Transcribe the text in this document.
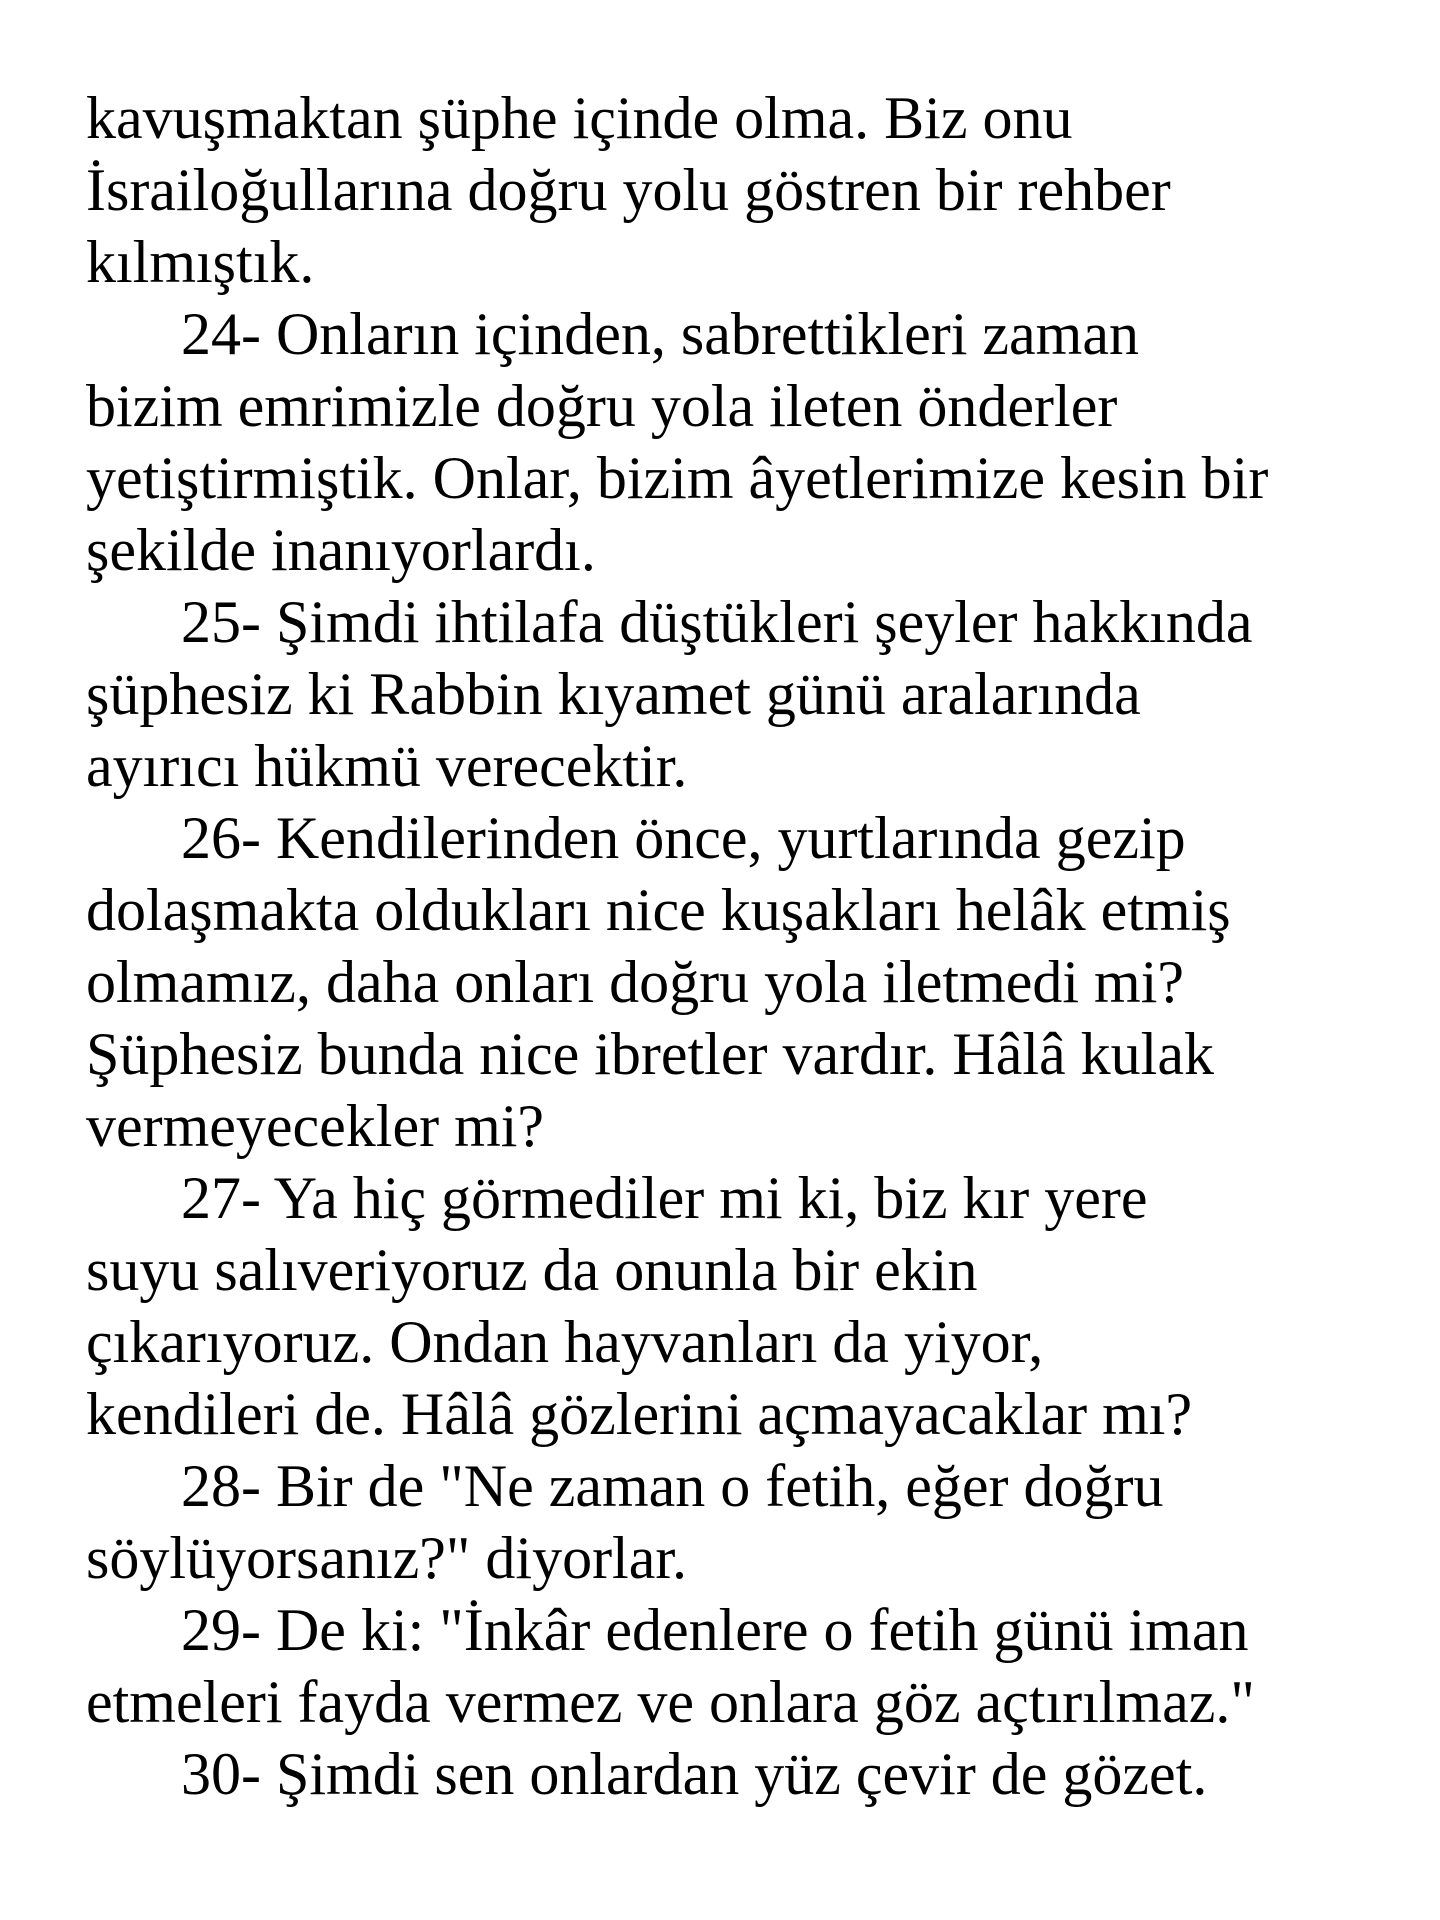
kavuşmaktan şüphe içinde olma. Biz onu
İsrailoğullarına doğru yolu göstren bir rehber
kılmıştık.
24- Onların içinden, sabrettikleri zaman
bizim emrimizle doğru yola ileten önderler
yetiştirmiştik. Onlar, bizim âyetlerimize kesin bir
şekilde inanıyorlardı.
25- Şimdi ihtilafa düştükleri şeyler hakkında
şüphesiz ki Rabbin kıyamet günü aralarında
ayırıcı hükmü verecektir.
26- Kendilerinden önce, yurtlarında gezip
dolaşmakta oldukları nice kuşakları helâk etmiş
olmamız, daha onları doğru yola iletmedi mi?
Şüphesiz bunda nice ibretler vardır. Hâlâ kulak
vermeyecekler mi?
27- Ya hiç görmediler mi ki, biz kır yere
suyu salıveriyoruz da onunla bir ekin
çıkarıyoruz. Ondan hayvanları da yiyor,
kendileri de. Hâlâ gözlerini açmayacaklar mı?
28- Bir de "Ne zaman o fetih, eğer doğru
söylüyorsanız?" diyorlar.
29- De ki: "İnkâr edenlere o fetih günü iman
etmeleri fayda vermez ve onlara göz açtırılmaz."
30- Şimdi sen onlardan yüz çevir de gözet.
